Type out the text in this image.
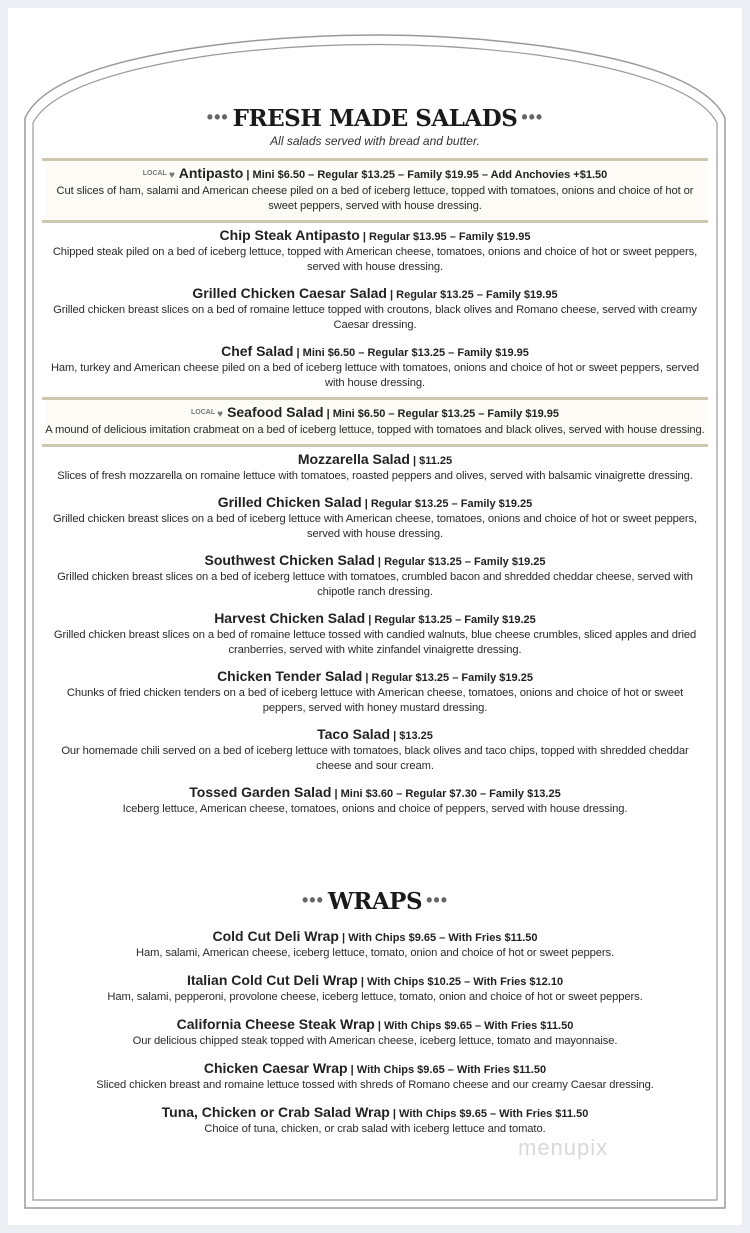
••• FRESH MADE SALADS •••
All salads served with bread and butter.
$^{LOCAL}$ ♥ Antipasto | Mini $6.50 – Regular $13.25 – Family $19.95 – Add Anchovies +$1.50
Cut slices of ham, salami and American cheese piled on a bed of iceberg lettuce, topped with tomatoes, onions and choice of hot or sweet peppers, served with house dressing.
Chip Steak Antipasto | Regular $13.95 – Family $19.95
Chipped steak piled on a bed of iceberg lettuce, topped with American cheese, tomatoes, onions and choice of hot or sweet peppers, served with house dressing.
Grilled Chicken Caesar Salad | Regular $13.25 – Family $19.95
Grilled chicken breast slices on a bed of romaine lettuce topped with croutons, black olives and Romano cheese, served with creamy Caesar dressing.
Chef Salad | Mini $6.50 – Regular $13.25 – Family $19.95
Ham, turkey and American cheese piled on a bed of iceberg lettuce with tomatoes, onions and choice of hot or sweet peppers, served with house dressing.
$^{LOCAL}$ ♥ Seafood Salad | Mini $6.50 – Regular $13.25 – Family $19.95
A mound of delicious imitation crabmeat on a bed of iceberg lettuce, topped with tomatoes and black olives, served with house dressing.
Mozzarella Salad | $11.25
Slices of fresh mozzarella on romaine lettuce with tomatoes, roasted peppers and olives, served with balsamic vinaigrette dressing.
Grilled Chicken Salad | Regular $13.25 – Family $19.25
Grilled chicken breast slices on a bed of iceberg lettuce with American cheese, tomatoes, onions and choice of hot or sweet peppers, served with house dressing.
Southwest Chicken Salad | Regular $13.25 – Family $19.25
Grilled chicken breast slices on a bed of iceberg lettuce with tomatoes, crumbled bacon and shredded cheddar cheese, served with chipotle ranch dressing.
Harvest Chicken Salad | Regular $13.25 – Family $19.25
Grilled chicken breast slices on a bed of romaine lettuce tossed with candied walnuts, blue cheese crumbles, sliced apples and dried cranberries, served with white zinfandel vinaigrette dressing.
Chicken Tender Salad | Regular $13.25 – Family $19.25
Chunks of fried chicken tenders on a bed of iceberg lettuce with American cheese, tomatoes, onions and choice of hot or sweet peppers, served with honey mustard dressing.
Taco Salad | $13.25
Our homemade chili served on a bed of iceberg lettuce with tomatoes, black olives and taco chips, topped with shredded cheddar cheese and sour cream.
Tossed Garden Salad | Mini $3.60 – Regular $7.30 – Family $13.25
Iceberg lettuce, American cheese, tomatoes, onions and choice of peppers, served with house dressing.
••• WRAPS •••
Cold Cut Deli Wrap | With Chips $9.65 – With Fries $11.50
Ham, salami, American cheese, iceberg lettuce, tomato, onion and choice of hot or sweet peppers.
Italian Cold Cut Deli Wrap | With Chips $10.25 – With Fries $12.10
Ham, salami, pepperoni, provolone cheese, iceberg lettuce, tomato, onion and choice of hot or sweet peppers.
California Cheese Steak Wrap | With Chips $9.65 – With Fries $11.50
Our delicious chipped steak topped with American cheese, iceberg lettuce, tomato and mayonnaise.
Chicken Caesar Wrap | With Chips $9.65 – With Fries $11.50
Sliced chicken breast and romaine lettuce tossed with shreds of Romano cheese and our creamy Caesar dressing.
Tuna, Chicken or Crab Salad Wrap | With Chips $9.65 – With Fries $11.50
Choice of tuna, chicken, or crab salad with iceberg lettuce and tomato.
menupix
